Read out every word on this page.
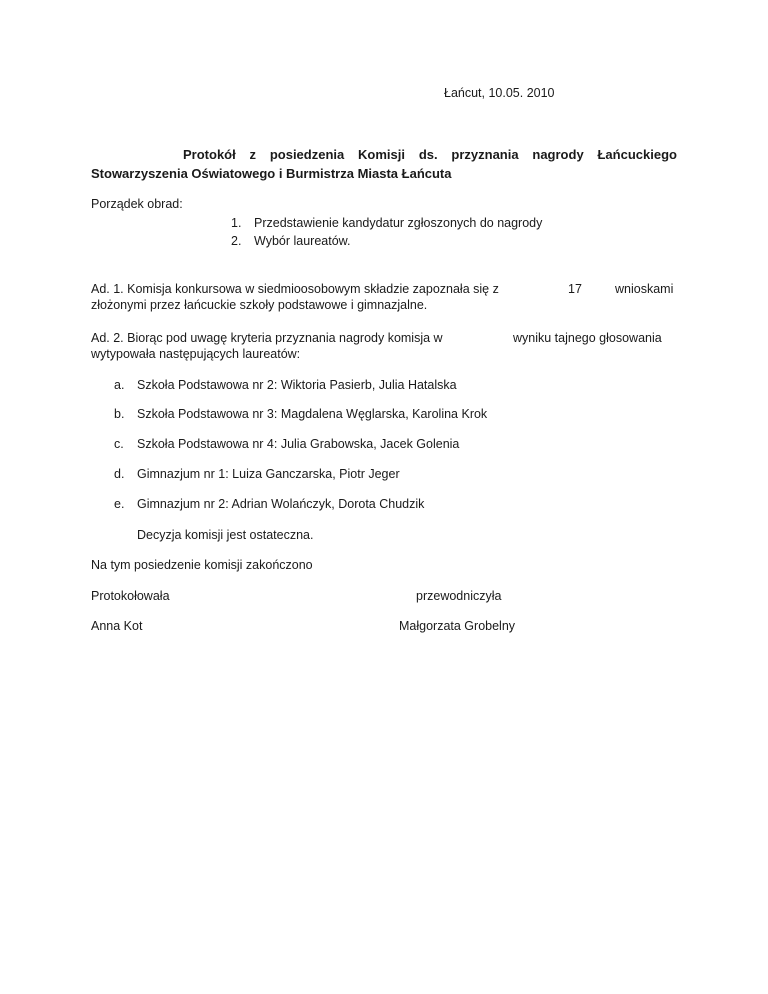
Łańcut, 10.05. 2010
Protokół z posiedzenia Komisji ds. przyznania nagrody Łańcuckiego
Stowarzyszenia Oświatowego i Burmistrza Miasta Łańcuta
Porządek obrad:
1. Przedstawienie kandydatur zgłoszonych do nagrody
2. Wybór laureatów.
Ad. 1. Komisja konkursowa w siedmioosobowym składzie zapoznała się z	17	wnioskami
złożonymi przez łańcuckie szkoły podstawowe i gimnazjalne.
Ad. 2. Biorąc pod uwagę kryteria przyznania nagrody komisja w	wyniku tajnego głosowania
wytypowała następujących laureatów:
a. Szkoła Podstawowa nr 2: Wiktoria Pasierb, Julia Hatalska
b. Szkoła Podstawowa nr 3: Magdalena Węglarska, Karolina Krok
c. Szkoła Podstawowa nr 4: Julia Grabowska, Jacek Golenia
d. Gimnazjum nr 1: Luiza Ganczarska, Piotr Jeger
e. Gimnazjum nr 2: Adrian Wolańczyk, Dorota Chudzik
Decyzja komisji jest ostateczna.
Na tym posiedzenie komisji zakończono
Protokołowała	przewodniczyła
Anna Kot	Małgorzata Grobelny
